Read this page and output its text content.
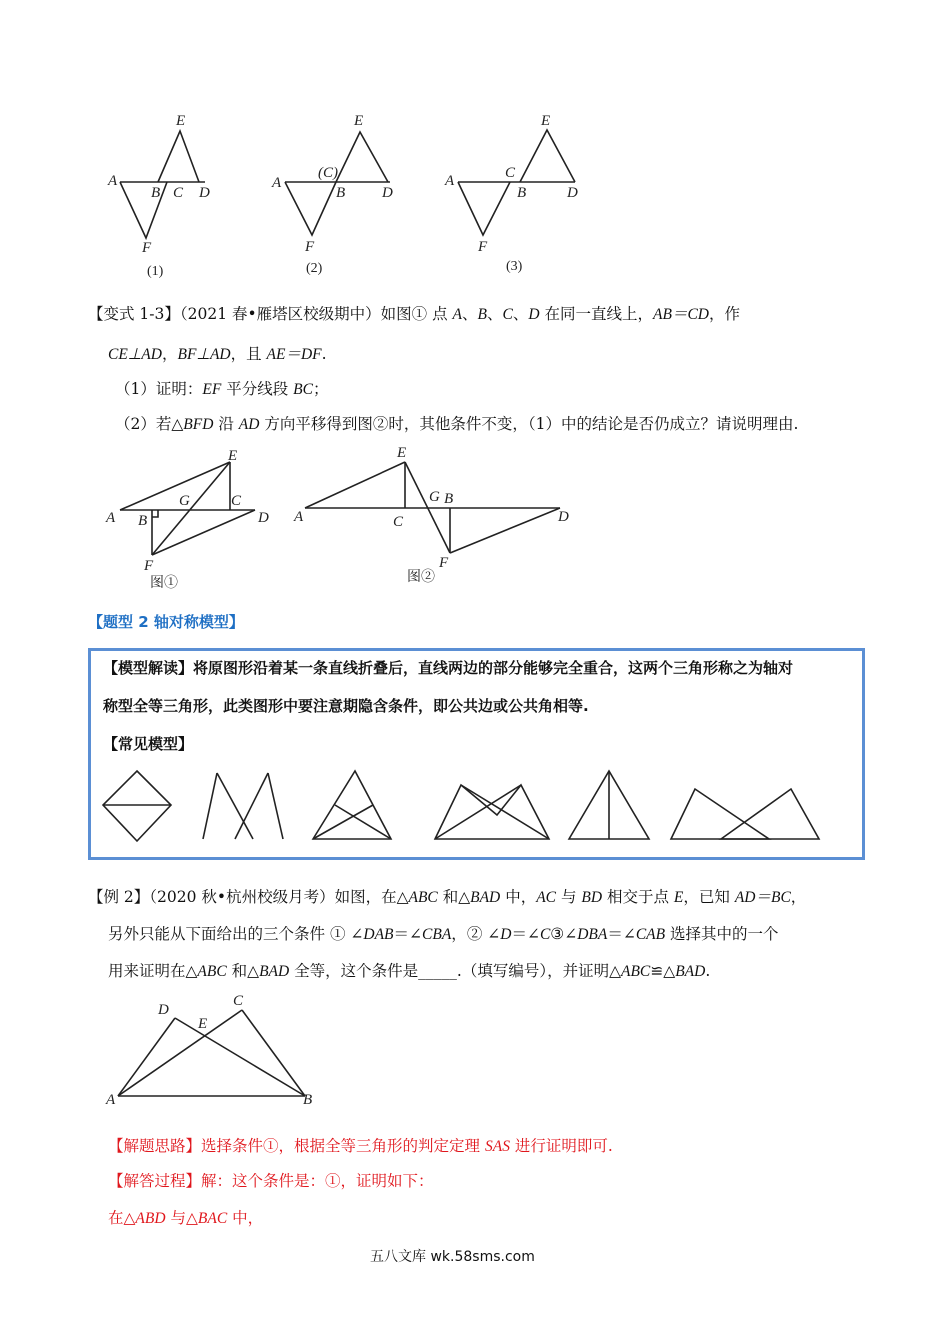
E
A
B C D
F
(1)
E
(C)
A
B D
F
(2)
E
A	C
B	D
F
(3)
【变式 1-3】（2021 春•雁塔区校级期中）如图① 点 A、B、C、D 在同一直线上，AB＝CD，作
CE⊥AD，BF⊥AD，且 AE＝DF.
（1）证明：EF 平分线段 BC；
（2）若△BFD 沿 AD 方向平移得到图②时，其他条件不变，（1）中的结论是否仍成立？请说明理由.
E
G	C
A B	D
F
图①
E
G B
A	C	D
F
图②
【题型 2 轴对称模型】
【模型解读】将原图形沿着某一条直线折叠后，直线两边的部分能够完全重合，这两个三角形称之为轴对
称型全等三角形，此类图形中要注意期隐含条件，即公共边或公共角相等.
【常见模型】
【例 2】（2020 秋•杭州校级月考）如图，在△ABC 和△BAD 中，AC 与 BD 相交于点 E，已知 AD＝BC，
另外只能从下面给出的三个条件 ① ∠DAB＝∠CBA，② ∠D＝∠C③∠DBA＝∠CAB 选择其中的一个
用来证明在△ABC 和△BAD 全等，这个条件是_____.（填写编号），并证明△ABC≌△BAD.
D
C
E
A	B
【解题思路】选择条件①，根据全等三角形的判定定理 SAS 进行证明即可.
【解答过程】解：这个条件是：①，证明如下：
在△ABD 与△BAC 中，
五八文库 wk.58sms.com
